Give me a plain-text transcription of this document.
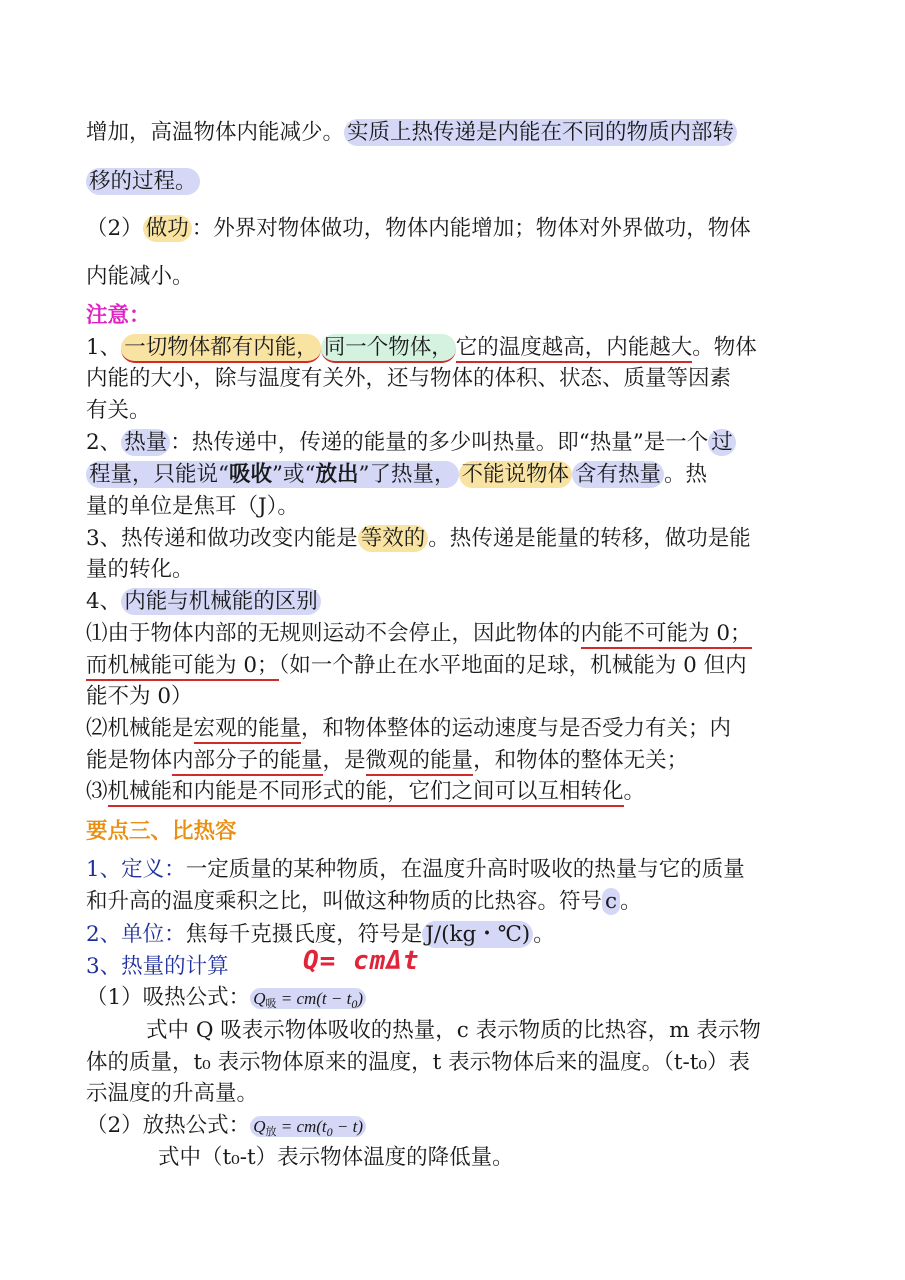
增加，高温物体内能减少。 实质上热传递是内能在不同的物质内部转
移的过程。
（2） 做功 ：外界对物体做功，物体内能增加；物体对外界做功，物体
内能减小。
注意：
1、 一切物体都有内能， 同一个物体， 它的温度越高，内能越大。物体
内能的大小，除与温度有关外，还与物体的体积、状态、质量等因素
有关。
2、 热量 ：热传递中，传递的能量的多少叫热量。即“热量”是一个 过
程量，只能说“吸收”或“放出”了热量， 不能说物体 含有热量 。热
量的单位是焦耳（J）。
3、热传递和做功改变内能是 等效的 。热传递是能量的转移，做功是能
量的转化。
4、 内能与机械能的区别
⑴由于物体内部的无规则运动不会停止，因此物体的内能不可能为 0；
而机械能可能为 0；（如一个静止在水平地面的足球，机械能为 0 但内
能不为 0）
⑵机械能是宏观的能量，和物体整体的运动速度与是否受力有关；内
能是物体内部分子的能量，是微观的能量，和物体的整体无关；
⑶机械能和内能是不同形式的能，它们之间可以互相转化。
要点三、比热容
1、定义：一定质量的某种物质，在温度升高时吸收的热量与它的质量
和升高的温度乘积之比，叫做这种物质的比热容。符号 c 。
2、单位：焦每千克摄氏度，符号是 J/(kg・℃) 。
3、热量的计算	Q= cmΔt
（1）吸热公式： $Q_吸 = cm(t - t_0)$
式中 Q 吸表示物体吸收的热量，c 表示物质的比热容，m 表示物
体的质量，t₀ 表示物体原来的温度，t 表示物体后来的温度。（t-t₀）表
示温度的升高量。
（2）放热公式： $Q_放 = cm(t_0 - t)$
式中（t₀-t）表示物体温度的降低量。
